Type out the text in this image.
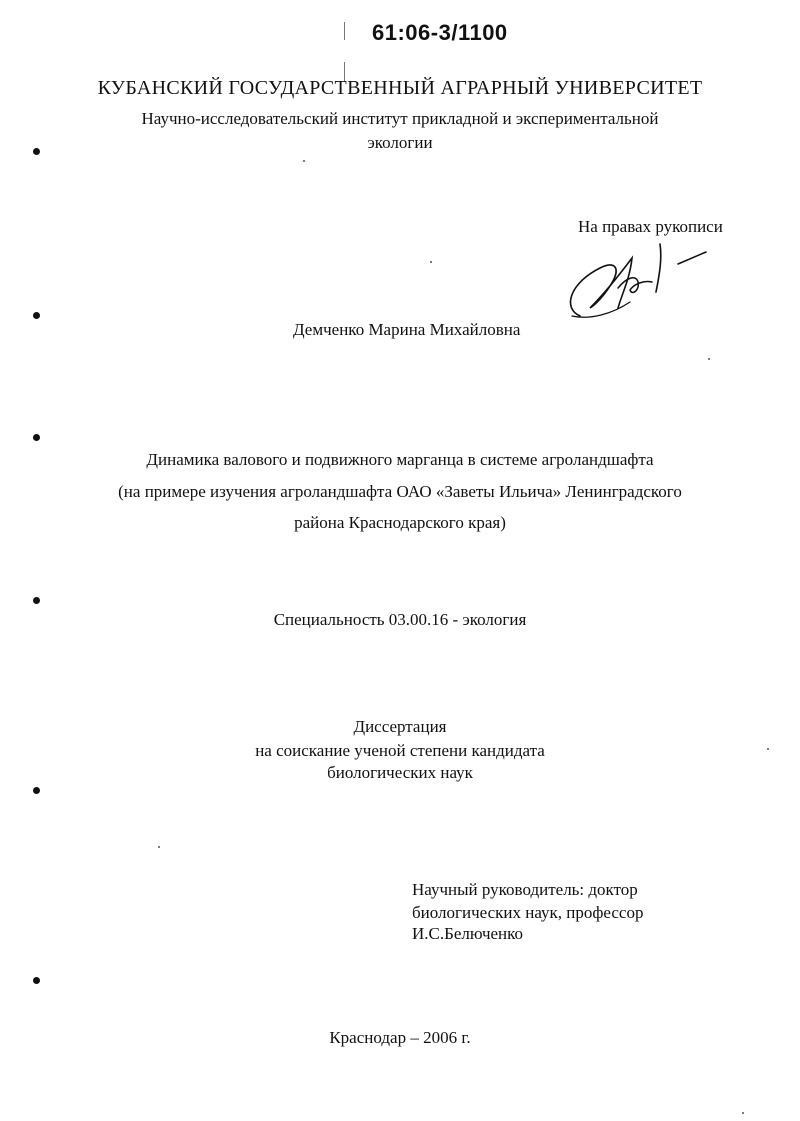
61:06-3/1100
КУБАНСКИЙ ГОСУДАРСТВЕННЫЙ АГРАРНЫЙ УНИВЕРСИТЕТ
Научно-исследовательский институт прикладной и экспериментальной
экологии
На правах рукописи
Демченко Марина Михайловна
Динамика валового и подвижного марганца в системе агроландшафта
(на примере изучения агроландшафта ОАО «Заветы Ильича» Ленинградского
района Краснодарского края)
Специальность 03.00.16 - экология
Диссертация
на соискание ученой степени кандидата
биологических наук
Научный руководитель: доктор
биологических наук, профессор
И.С.Белюченко
Краснодар – 2006 г.
